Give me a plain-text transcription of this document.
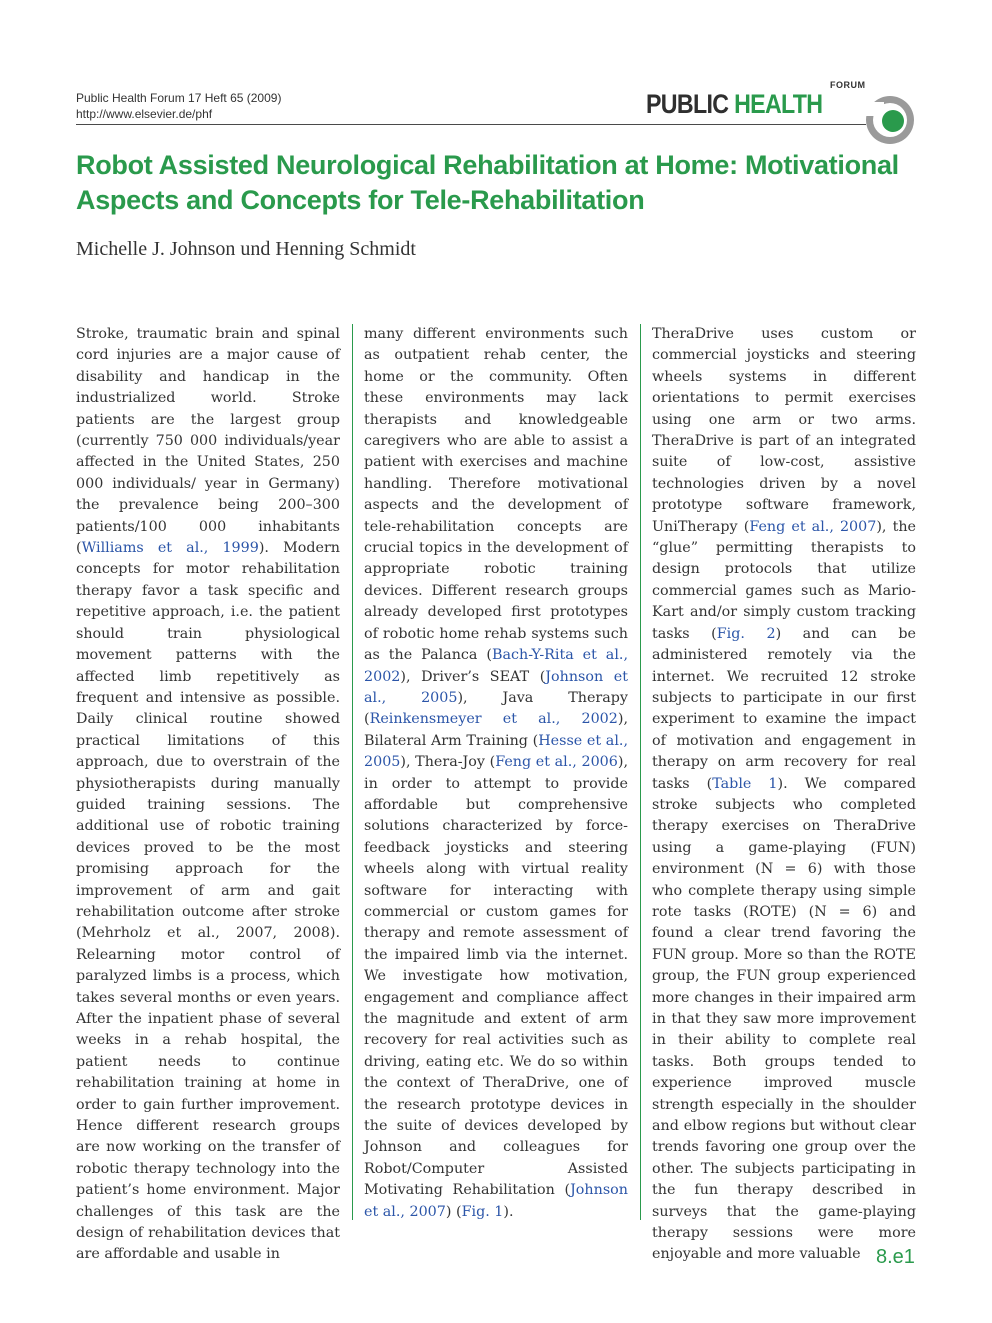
Public Health Forum 17 Heft 65 (2009)
http://www.elsevier.de/phf
FORUM
PUBLIC HEALTH
Robot Assisted Neurological Rehabilitation at Home: Motivational Aspects and Concepts for Tele-Rehabilitation
Michelle J. Johnson und Henning Schmidt

Stroke, traumatic brain and spinal cord injuries are a major cause of disability and handicap in the industrialized world. Stroke patients are the largest group (currently 750 000 individuals/year affected in the United States, 250 000 individuals/ year in Germany) the prevalence being 200–300 patients/100 000 inhabitants (Williams et al., 1999). Modern concepts for motor rehabilitation therapy favor a task specific and repetitive approach, i.e. the patient should train physiological movement patterns with the affected limb repetitively as frequent and intensive as possible. Daily clinical routine showed practical limitations of this approach, due to overstrain of the physiotherapists during manually guided training sessions. The additional use of robotic training devices proved to be the most promising approach for the improvement of arm and gait rehabilitation outcome after stroke (Mehrholz et al., 2007, 2008). Relearning motor control of paralyzed limbs is a process, which takes several months or even years. After the inpatient phase of several weeks in a rehab hospital, the patient needs to continue rehabilitation training at home in order to gain further improvement. Hence different research groups are now working on the transfer of robotic therapy technology into the patient’s home environment. Major challenges of this task are the design of rehabilitation devices that are affordable and usable in

many different environments such as outpatient rehab center, the home or the community. Often these environments may lack therapists and knowledgeable caregivers who are able to assist a patient with exercises and machine handling. Therefore motivational aspects and the development of tele-rehabilitation concepts are crucial topics in the development of appropriate robotic training devices. Different research groups already developed first prototypes of robotic home rehab systems such as the Palanca (Bach-Y-Rita et al., 2002), Driver’s SEAT (Johnson et al., 2005), Java Therapy (Reinkensmeyer et al., 2002), Bilateral Arm Training (Hesse et al., 2005), Thera-Joy (Feng et al., 2006), in order to attempt to provide affordable but comprehensive solutions characterized by force-feedback joysticks and steering wheels along with virtual reality software for interacting with commercial or custom games for therapy and remote assessment of the impaired limb via the internet. We investigate how motivation, engagement and compliance affect the magnitude and extent of arm recovery for real activities such as driving, eating etc. We do so within the context of TheraDrive, one of the research prototype devices in the suite of devices developed by Johnson and colleagues for Robot/Computer Assisted Motivating Rehabilitation (Johnson et al., 2007) (Fig. 1).

TheraDrive uses custom or commercial joysticks and steering wheels systems in different orientations to permit exercises using one arm or two arms. TheraDrive is part of an integrated suite of low-cost, assistive technologies driven by a novel prototype software framework, UniTherapy (Feng et al., 2007), the “glue” permitting therapists to design protocols that utilize commercial games such as Mario-Kart and/or simply custom tracking tasks (Fig. 2) and can be administered remotely via the internet. We recruited 12 stroke subjects to participate in our first experiment to examine the impact of motivation and engagement in therapy on arm recovery for real tasks (Table 1). We compared stroke subjects who completed therapy exercises on TheraDrive using a game-playing (FUN) environment (N = 6) with those who complete therapy using simple rote tasks (ROTE) (N = 6) and found a clear trend favoring the FUN group. More so than the ROTE group, the FUN group experienced more changes in their impaired arm in that they saw more improvement in their ability to complete real tasks. Both groups tended to experience improved muscle strength especially in the shoulder and elbow regions but without clear trends favoring one group over the other. The subjects participating in the fun therapy described in surveys that the game-playing therapy sessions were more enjoyable and more valuable 8.e1
